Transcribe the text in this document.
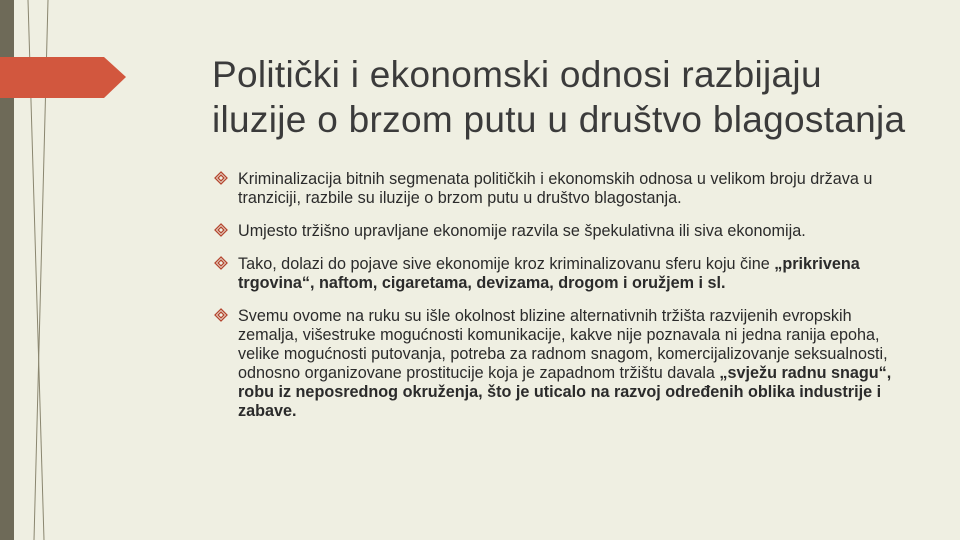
Politički i ekonomski odnosi razbijaju iluzije o brzom putu u društvo blagostanja
Kriminalizacija bitnih segmenata političkih i ekonomskih odnosa u velikom broju država u tranziciji, razbile su iluzije o brzom putu u društvo blagostanja.
Umjesto tržišno upravljane ekonomije razvila se špekulativna ili siva ekonomija.
Tako, dolazi do pojave sive ekonomije kroz kriminalizovanu sferu koju čine „prikrivena trgovina“, naftom, cigaretama, devizama, drogom i oružjem i sl.
Svemu ovome na ruku su išle okolnost blizine alternativnih tržišta razvijenih evropskih zemalja, višestruke mogućnosti komunikacije, kakve nije poznavala ni jedna ranija epoha, velike mogućnosti putovanja, potreba za radnom snagom, komercijalizovanje seksualnosti, odnosno organizovane prostitucije koja je zapadnom tržištu davala „svježu radnu snagu“, robu iz neposrednog okruženja, što je uticalo na razvoj određenih oblika industrije i zabave.
